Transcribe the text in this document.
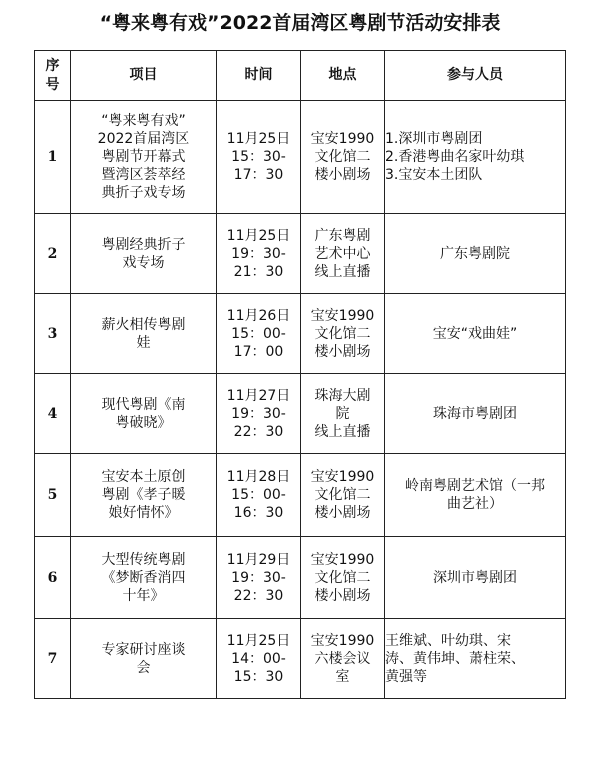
“粤来粤有戏”2022首届湾区粤剧节活动安排表
序
号	项目	时间	地点	参与人员
1	“粤来粤有戏”
2022首届湾区
粤剧节开幕式
暨湾区荟萃经
典折子戏专场	11月25日
15：30-
17：30	宝安1990
文化馆二
楼小剧场	1.深圳市粤剧团
2.香港粤曲名家叶幼琪
3.宝安本土团队

2	粤剧经典折子
戏专场	11月25日
19：30-
21：30	广东粤剧
艺术中心
线上直播	广东粤剧院

3	薪火相传粤剧
娃	11月26日
15：00-
17：00	宝安1990
文化馆二
楼小剧场	宝安“戏曲娃”

4	现代粤剧《南
粤破晓》	11月27日
19：30-
22：30	珠海大剧
院
线上直播	珠海市粤剧团

5	宝安本土原创
粤剧《孝子暖
娘好情怀》	11月28日
15：00-
16：30	宝安1990
文化馆二
楼小剧场	岭南粤剧艺术馆（一邦
曲艺社）

6	大型传统粤剧
《梦断香消四
十年》	11月29日
19：30-
22：30	宝安1990
文化馆二
楼小剧场	深圳市粤剧团

7	专家研讨座谈
会	11月25日
14：00-
15：30	宝安1990
六楼会议
室	王维斌、叶幼琪、宋
涛、黄伟坤、萧柱荣、
黄强等
